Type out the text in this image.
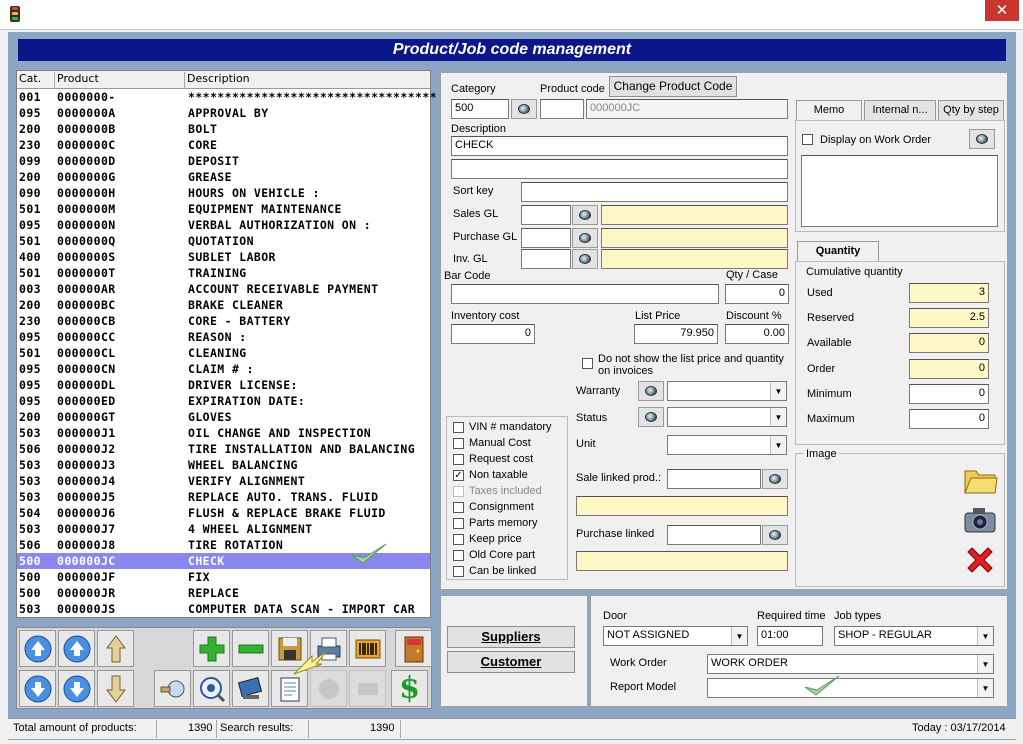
✕
Product/Job code management
Cat.	Product	Description
001 0000000-	**********************************
095 0000000A	APPROVAL BY
200 0000000B	BOLT
230 0000000C	CORE
099 0000000D	DEPOSIT
200 0000000G	GREASE
090 0000000H	HOURS ON VEHICLE :
501 0000000M	EQUIPMENT MAINTENANCE
095 0000000N	VERBAL AUTHORIZATION ON :
501 0000000Q	QUOTATION
400 0000000S	SUBLET LABOR
501 0000000T	TRAINING
003 000000AR	ACCOUNT RECEIVABLE PAYMENT
200 000000BC	BRAKE CLEANER
230 000000CB	CORE - BATTERY
095 000000CC	REASON :
501 000000CL	CLEANING
095 000000CN	CLAIM # :
095 000000DL	DRIVER LICENSE:
095 000000ED	EXPIRATION DATE:
200 000000GT	GLOVES
503 000000J1	OIL CHANGE AND INSPECTION
506 000000J2	TIRE INSTALLATION AND BALANCING
503 000000J3	WHEEL BALANCING
503 000000J4	VERIFY ALIGNMENT
503 000000J5	REPLACE AUTO. TRANS. FLUID
504 000000J6	FLUSH & REPLACE BRAKE FLUID
503 000000J7	4 WHEEL ALIGNMENT
506 000000J8	TIRE ROTATION
500 000000JC	CHECK
500 000000JF	FIX
500 000000JR	REPLACE
503 000000JS	COMPUTER DATA SCAN - IMPORT CAR
$
Category
500
Product code
000000JC
Change Product Code
Description
CHECK
Sort key
Sales GL
Purchase GL
Inv. GL
Bar Code	Qty / Case
0
Inventory cost
0
List Price
79.950
Discount %
0.00
Do not show the list price and quantity on invoices
Warranty	▼
Status	▼
Unit	▼
Sale linked prod.:
Purchase linked
VIN # mandatory
Manual Cost
Request cost
✓ Non taxable
Taxes included
Consignment
Parts memory
Keep price
Old Core part
Can be linked
Memo	Internal n...	Qty by step
Display on Work Order
Quantity
Cumulative quantity
Used	3
Reserved	2.5
Available	0
Order	0
Minimum	0
Maximum	0
Image
Suppliers
Customer
Door
NOT ASSIGNED	▼
Required time
01:00
Job types
SHOP - REGULAR	▼
Work Order	WORK ORDER	▼
Report Model	▼
Total amount of products:	1390 Search results:	1390	Today : 03/17/2014
